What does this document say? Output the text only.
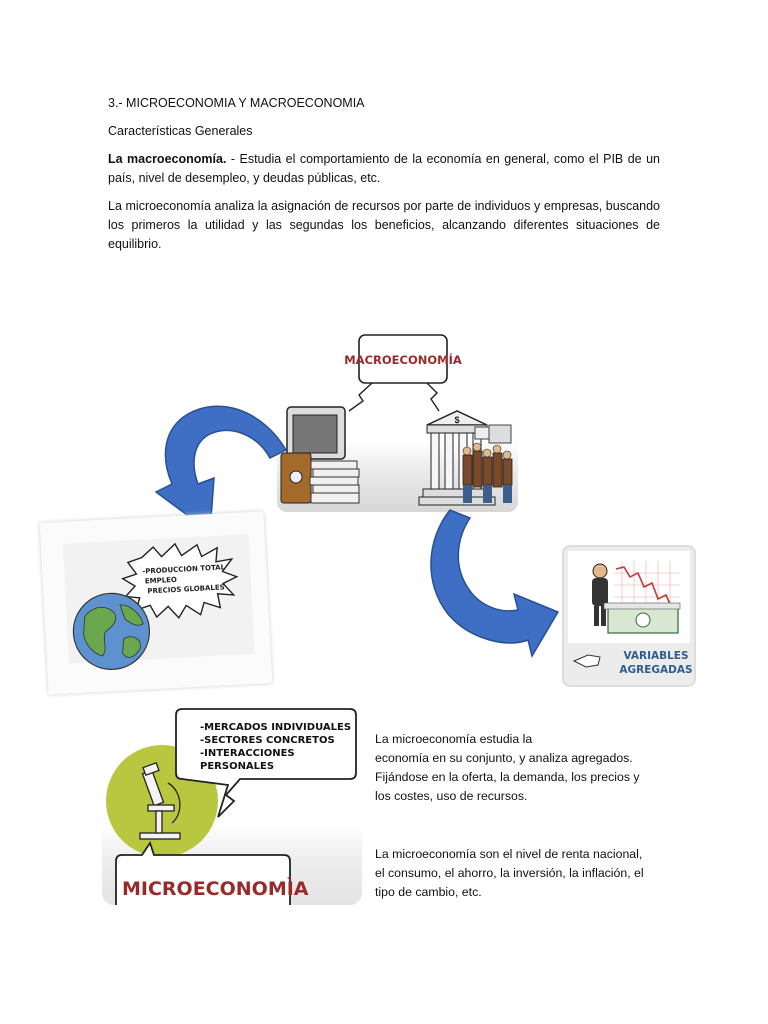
3.- MICROECONOMIA Y MACROECONOMIA
Características Generales
La macroeconomía. - Estudia el comportamiento de la economía en general, como el PIB de un país, nivel de desempleo, y deudas públicas, etc.
La microeconomía analiza la asignación de recursos por parte de individuos y empresas, buscando los primeros la utilidad y las segundas los beneficios, alcanzando diferentes situaciones de equilibrio.
MACROECONOMÍA
$
-PRODUCCIÓN TOTAL
EMPLEO
PRECIOS GLOBALES
VARIABLES
AGREGADAS
-MERCADOS INDIVIDUALES
-SECTORES CONCRETOS
-INTERACCIONES
PERSONALES
MICROECONOMÌA
La microeconomía estudia la
economía en su conjunto, y analiza agregados.
Fijándose en la oferta, la demanda, los precios y
los costes, uso de recursos.
La microeconomía son el nivel de renta nacional,
el consumo, el ahorro, la inversión, la inflación, el
tipo de cambio, etc.
